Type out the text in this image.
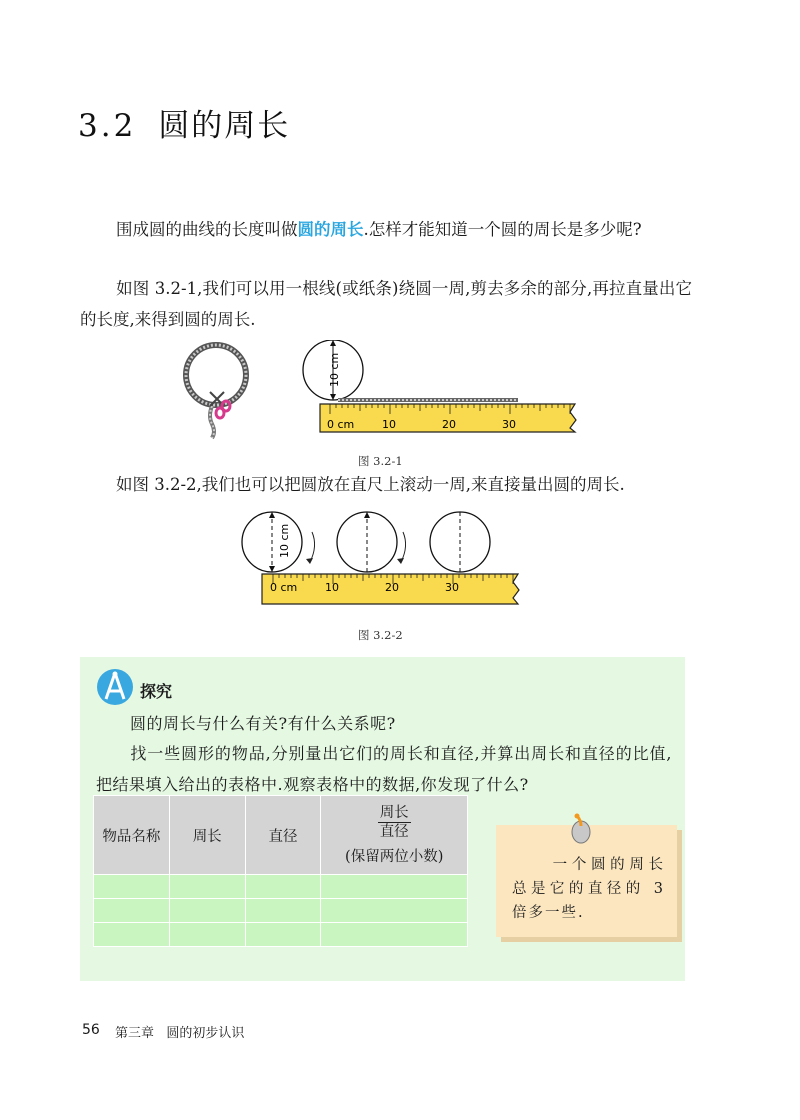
3.2 圆的周长
围成圆的曲线的长度叫做圆的周长.怎样才能知道一个圆的周长是多少呢?
如图 3.2-1,我们可以用一根线(或纸条)绕圆一周,剪去多余的部分,再拉直量出它的长度,来得到圆的周长.
10 cm
0 cm	10	20	30
图 3.2-1
如图 3.2-2,我们也可以把圆放在直尺上滚动一周,来直接量出圆的周长.
10 cm
0 cm	10	20	30
图 3.2-2
探究
圆的周长与什么有关?有什么关系呢?
找一些圆形的物品,分别量出它们的周长和直径,并算出周长和直径的比值,把结果填入给出的表格中.观察表格中的数据,你发现了什么?
物品名称	周长	直径	$\frac{\text{周长}}{\text{直径}}$
(保留两位小数)

				一个圆的周长总是它的直径的 3 倍多一些.
56 第三章 圆的初步认识
